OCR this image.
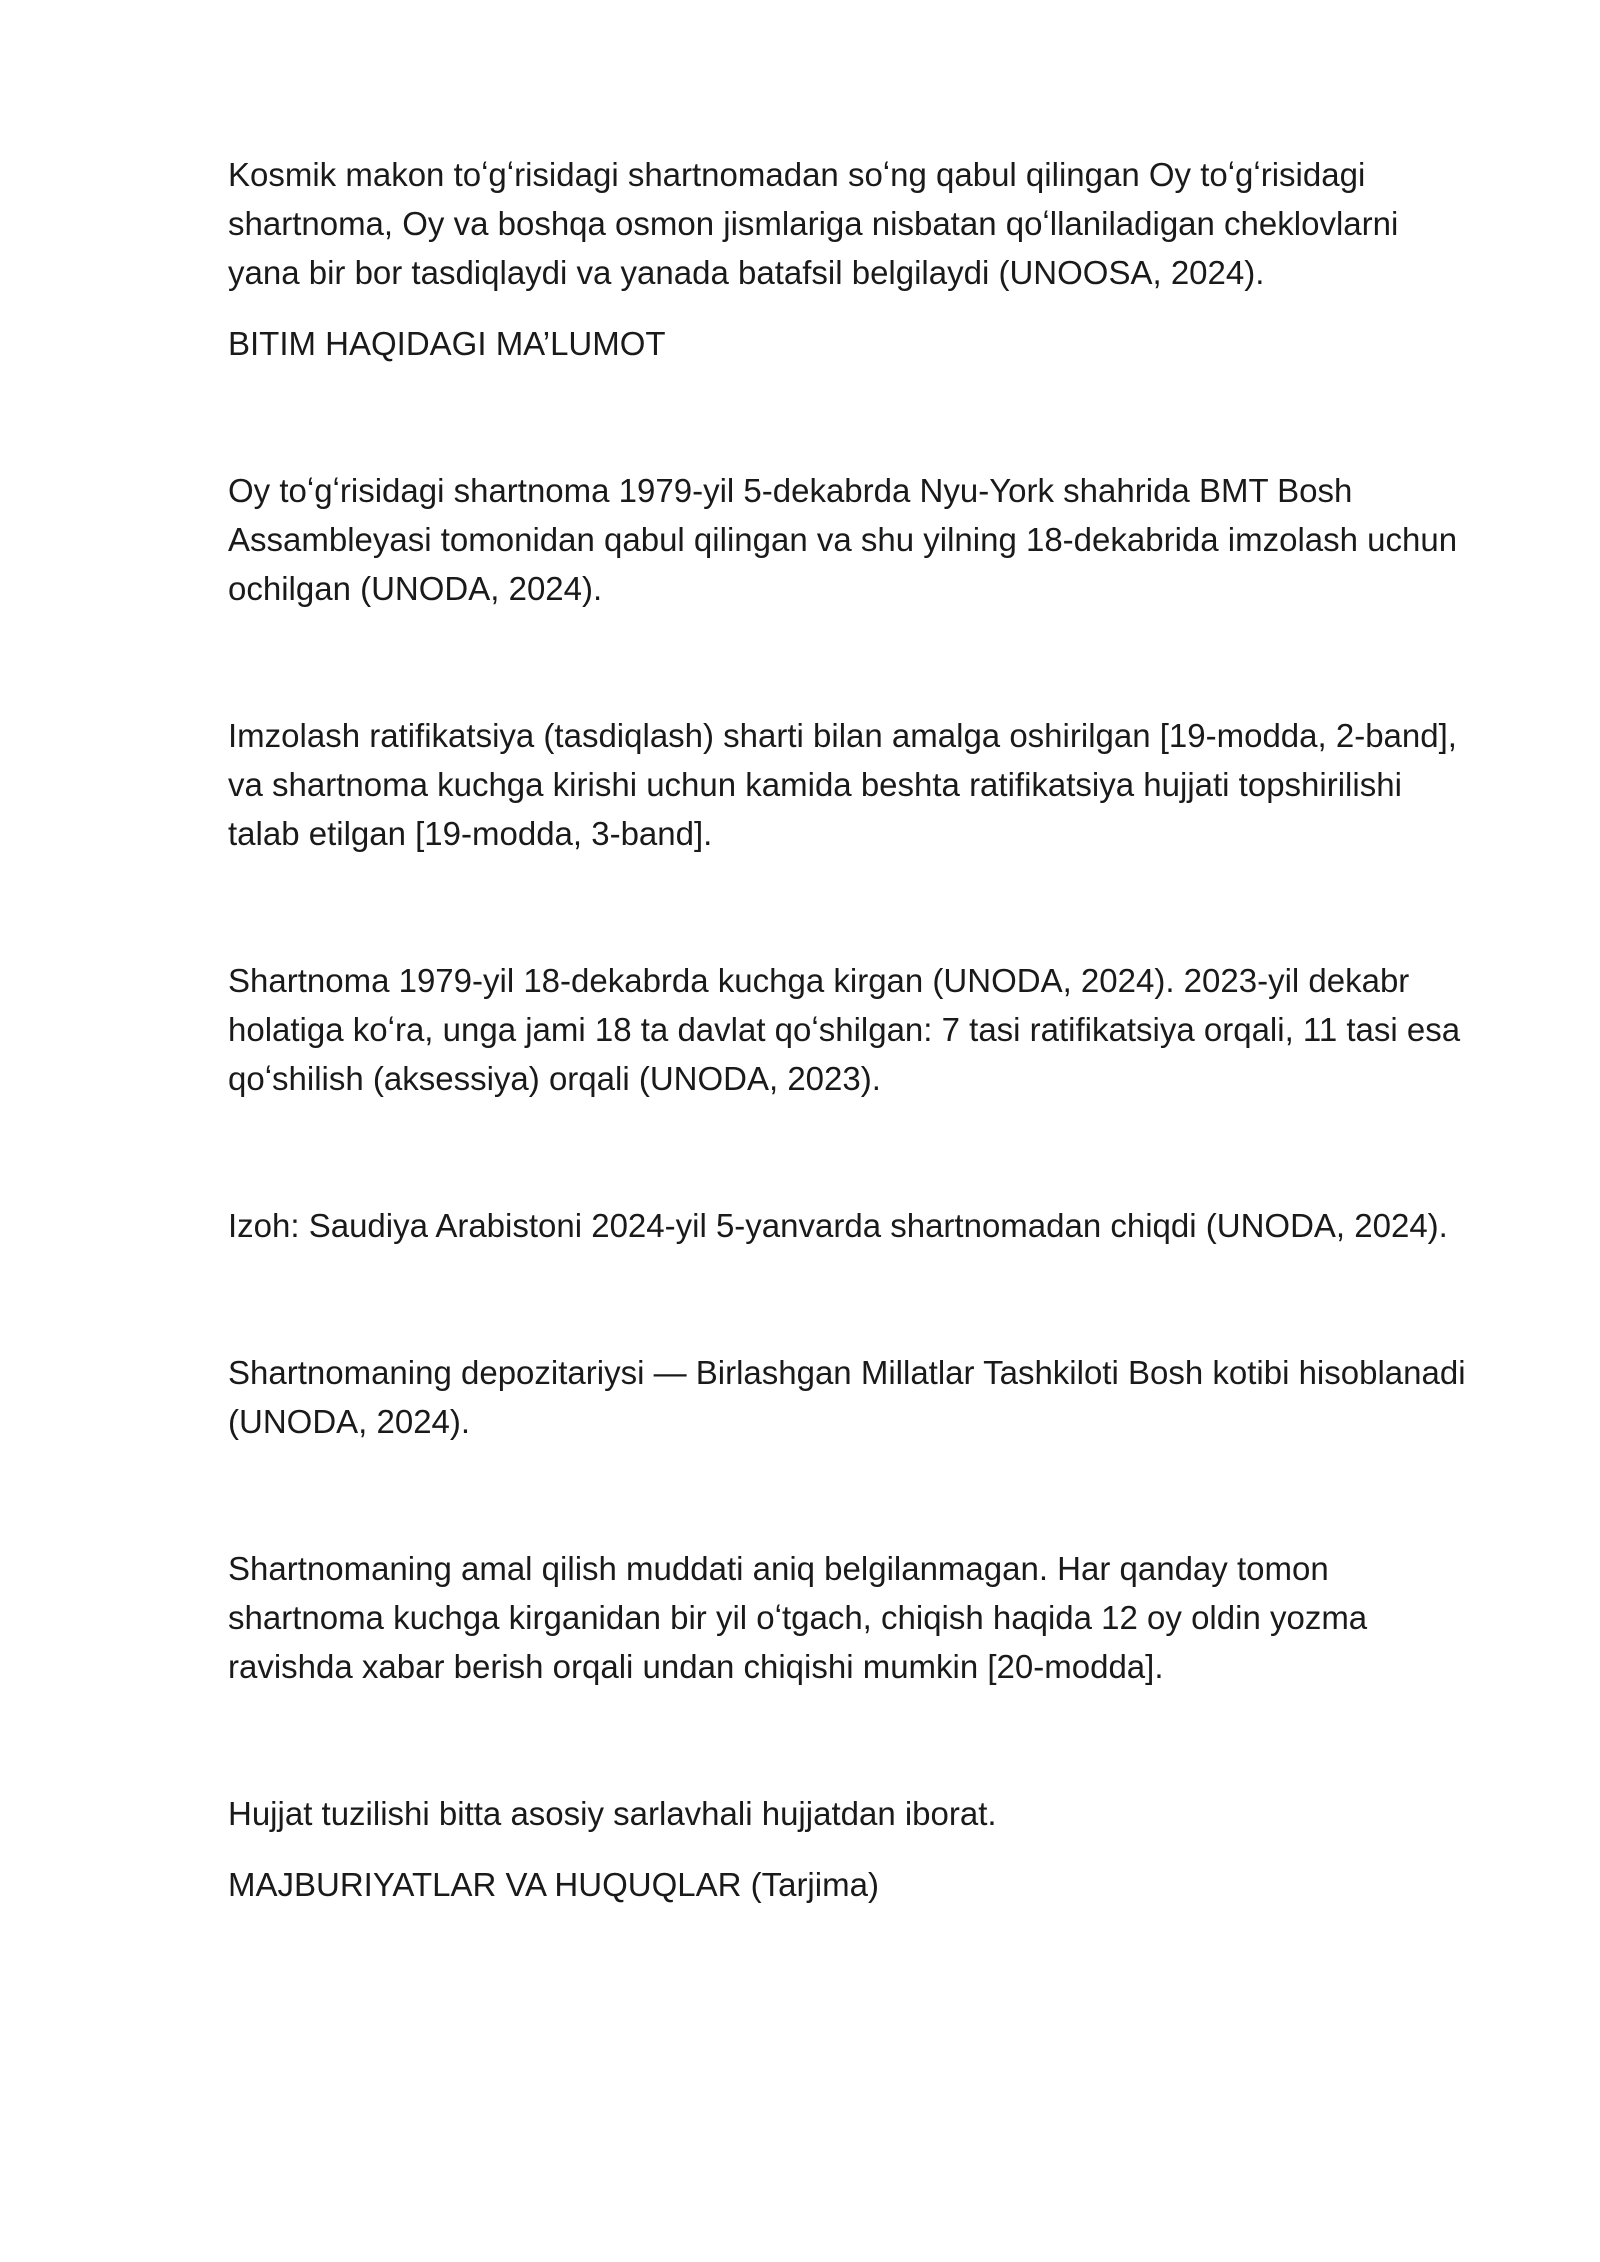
Kosmik makon toʻgʻrisidagi shartnomadan soʻng qabul qilingan Oy toʻgʻrisidagi shartnoma, Oy va boshqa osmon jismlariga nisbatan qoʻllaniladigan cheklovlarni yana bir bor tasdiqlaydi va yanada batafsil belgilaydi (UNOOSA, 2024).

BITIM HAQIDAGI MA’LUMOT

Oy toʻgʻrisidagi shartnoma 1979-yil 5-dekabrda Nyu-York shahrida BMT Bosh Assambleyasi tomonidan qabul qilingan va shu yilning 18-dekabrida imzolash uchun ochilgan (UNODA, 2024).

Imzolash ratifikatsiya (tasdiqlash) sharti bilan amalga oshirilgan [19-modda, 2-band], va shartnoma kuchga kirishi uchun kamida beshta ratifikatsiya hujjati topshirilishi talab etilgan [19-modda, 3-band].

Shartnoma 1979-yil 18-dekabrda kuchga kirgan (UNODA, 2024). 2023-yil dekabr holatiga koʻra, unga jami 18 ta davlat qoʻshilgan: 7 tasi ratifikatsiya orqali, 11 tasi esa qoʻshilish (aksessiya) orqali (UNODA, 2023).

Izoh: Saudiya Arabistoni 2024-yil 5-yanvarda shartnomadan chiqdi (UNODA, 2024).

Shartnomaning depozitariysi — Birlashgan Millatlar Tashkiloti Bosh kotibi hisoblanadi (UNODA, 2024).

Shartnomaning amal qilish muddati aniq belgilanmagan. Har qanday tomon shartnoma kuchga kirganidan bir yil oʻtgach, chiqish haqida 12 oy oldin yozma ravishda xabar berish orqali undan chiqishi mumkin [20-modda].

Hujjat tuzilishi bitta asosiy sarlavhali hujjatdan iborat.

MAJBURIYATLAR VA HUQUQLAR (Tarjima)
